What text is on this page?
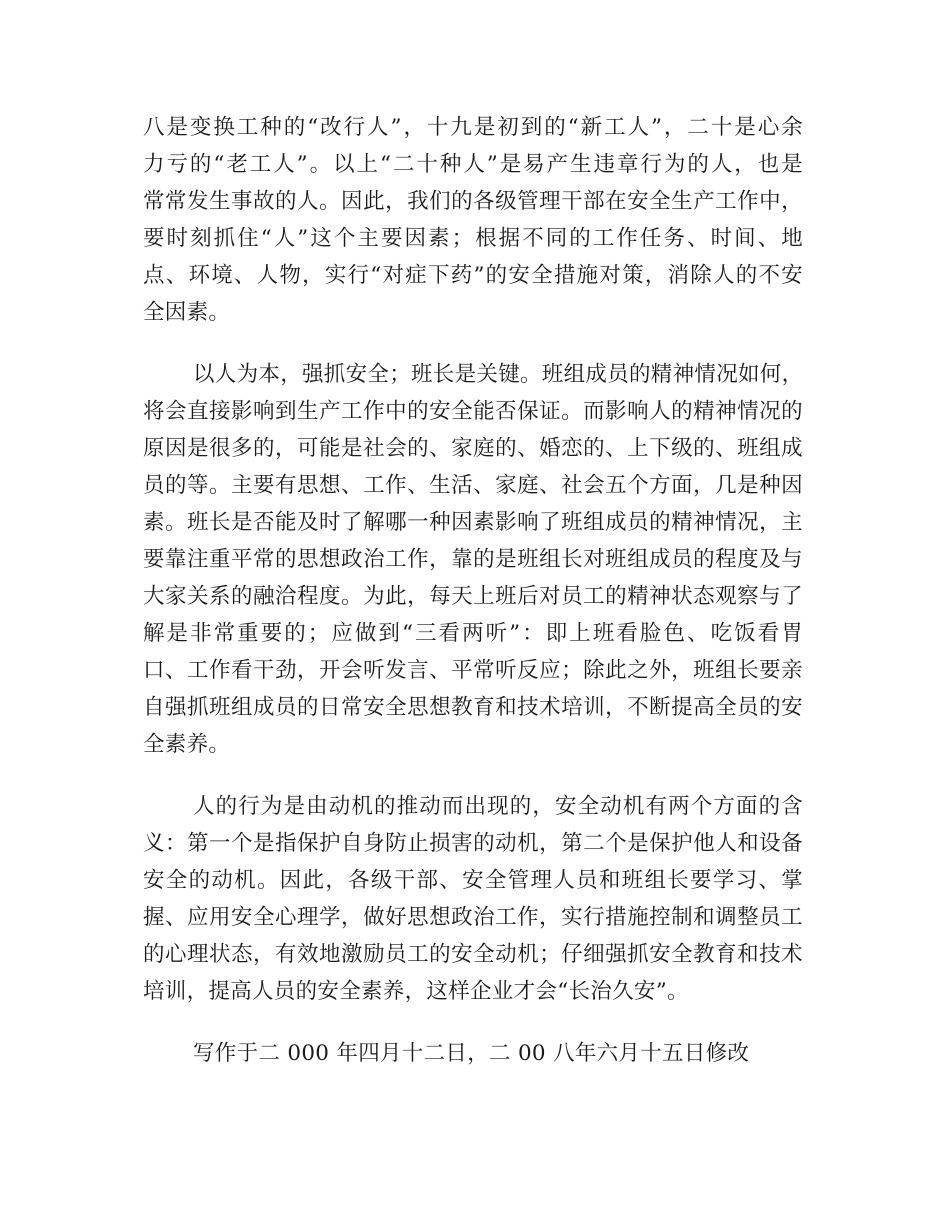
八是变换工种的“改行人”，十九是初到的“新工人”，二十是心余
力亏的“老工人”。以上“二十种人”是易产生违章行为的人，也是
常常发生事故的人。因此，我们的各级管理干部在安全生产工作中，
要时刻抓住“人”这个主要因素；根据不同的工作任务、时间、地
点、环境、人物，实行“对症下药”的安全措施对策，消除人的不安
全因素。
以人为本，强抓安全；班长是关键。班组成员的精神情况如何，
将会直接影响到生产工作中的安全能否保证。而影响人的精神情况的
原因是很多的，可能是社会的、家庭的、婚恋的、上下级的、班组成
员的等。主要有思想、工作、生活、家庭、社会五个方面，几是种因
素。班长是否能及时了解哪一种因素影响了班组成员的精神情况，主
要靠注重平常的思想政治工作，靠的是班组长对班组成员的程度及与
大家关系的融洽程度。为此，每天上班后对员工的精神状态观察与了
解是非常重要的；应做到“三看两听”：即上班看脸色、吃饭看胃
口、工作看干劲，开会听发言、平常听反应；除此之外，班组长要亲
自强抓班组成员的日常安全思想教育和技术培训，不断提高全员的安
全素养。
人的行为是由动机的推动而出现的，安全动机有两个方面的含
义：第一个是指保护自身防止损害的动机，第二个是保护他人和设备
安全的动机。因此，各级干部、安全管理人员和班组长要学习、掌
握、应用安全心理学，做好思想政治工作，实行措施控制和调整员工
的心理状态，有效地激励员工的安全动机；仔细强抓安全教育和技术
培训，提高人员的安全素养，这样企业才会“长治久安”。
写作于二 000 年四月十二日，二 00 八年六月十五日修改
